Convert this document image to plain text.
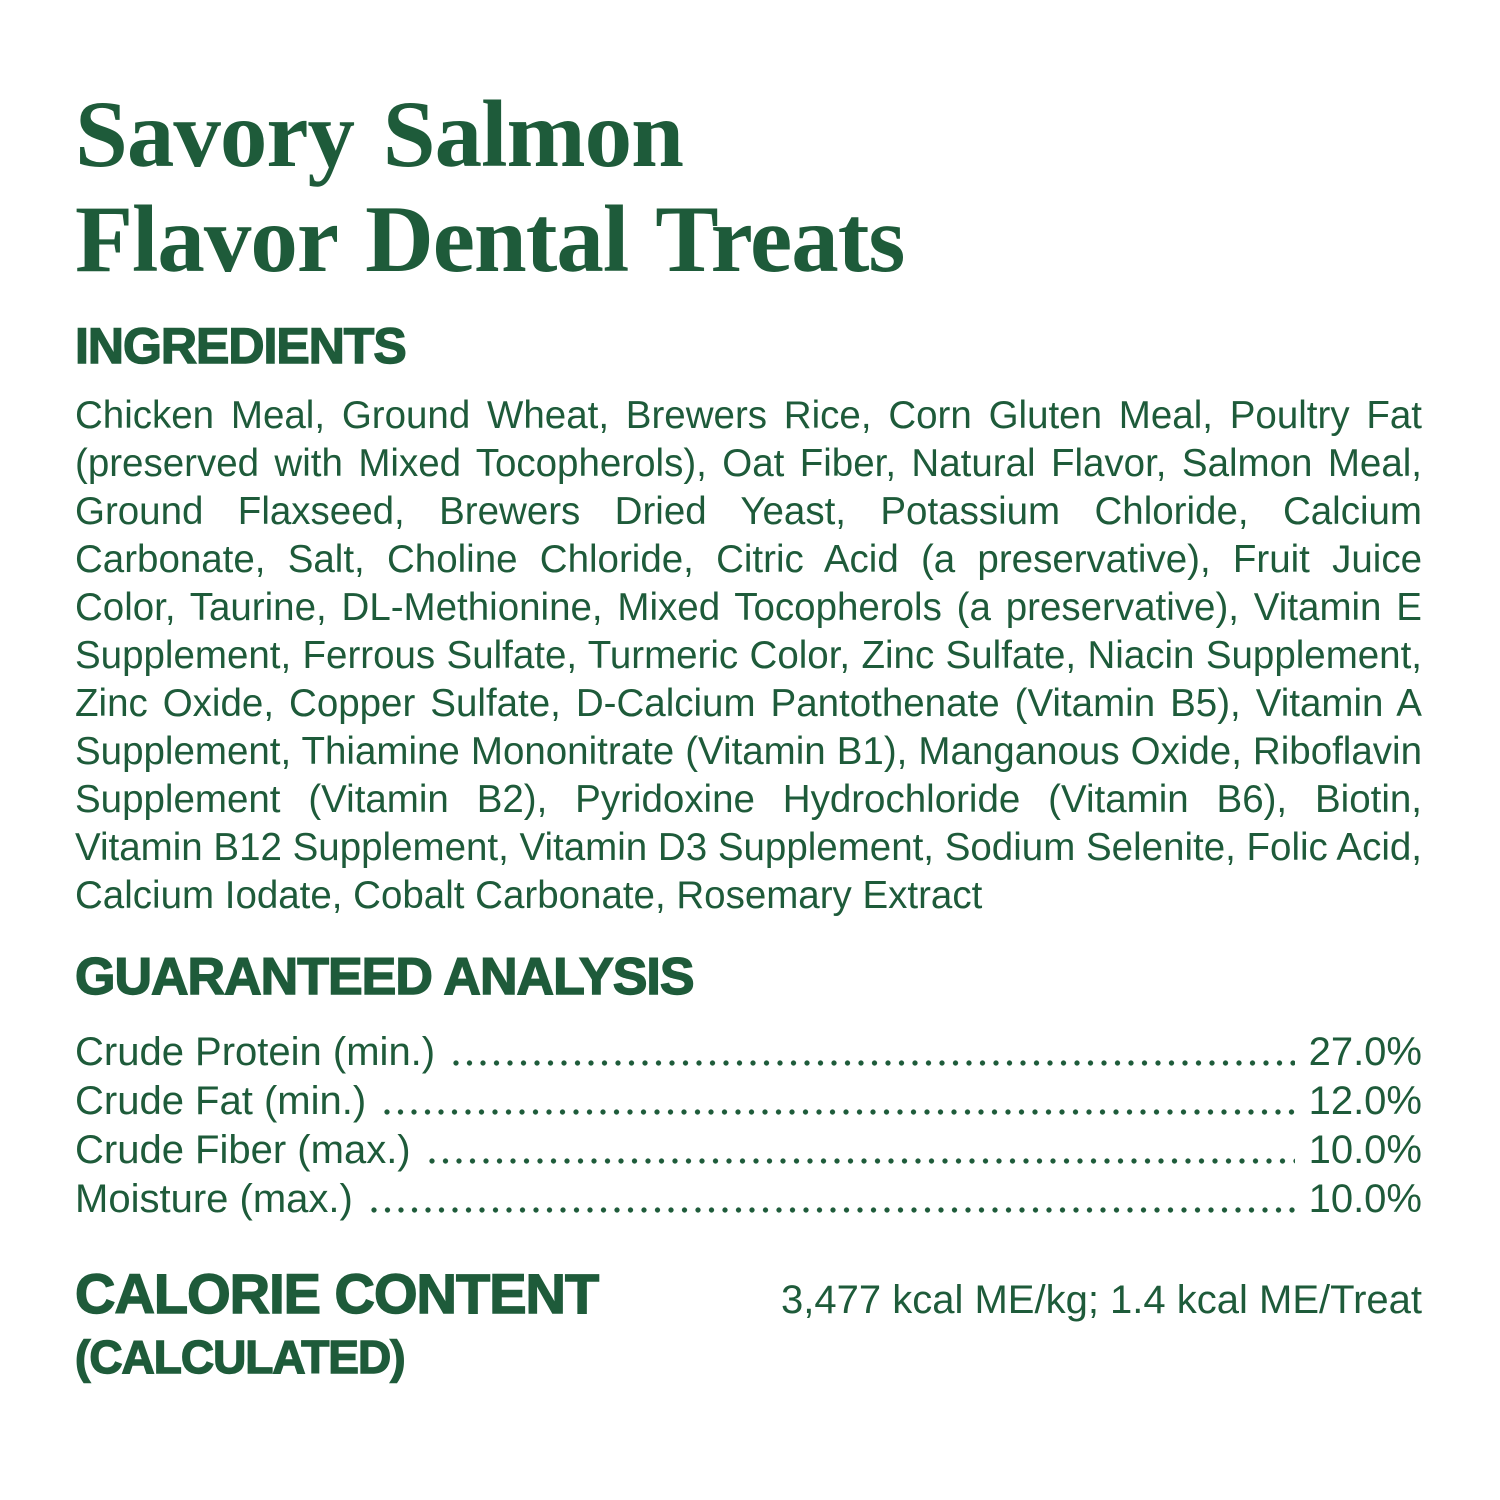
Savory Salmon
Flavor Dental Treats
INGREDIENTS
Chicken Meal, Ground Wheat, Brewers Rice, Corn Gluten Meal, Poultry Fat (preserved with Mixed Tocopherols), Oat Fiber, Natural Flavor, Salmon Meal, Ground Flaxseed, Brewers Dried Yeast, Potassium Chloride, Calcium Carbonate, Salt, Choline Chloride, Citric Acid (a preservative), Fruit Juice Color, Taurine, DL-Methionine, Mixed Tocopherols (a preservative), Vitamin E Supplement, Ferrous Sulfate, Turmeric Color, Zinc Sulfate, Niacin Supplement, Zinc Oxide, Copper Sulfate, D-Calcium Pantothenate (Vitamin B5), Vitamin A Supplement, Thiamine Mononitrate (Vitamin B1), Manganous Oxide, Riboflavin Supplement (Vitamin B2), Pyridoxine Hydrochloride (Vitamin B6), Biotin, Vitamin B12 Supplement, Vitamin D3 Supplement, Sodium Selenite, Folic Acid, Calcium Iodate, Cobalt Carbonate, Rosemary Extract
GUARANTEED ANALYSIS
Crude Protein (min.)	27.0%
Crude Fat (min.)	12.0%
Crude Fiber (max.)	10.0%
Moisture (max.)	10.0%
CALORIE CONTENT
(CALCULATED)
3,477 kcal ME/kg; 1.4 kcal ME/Treat
